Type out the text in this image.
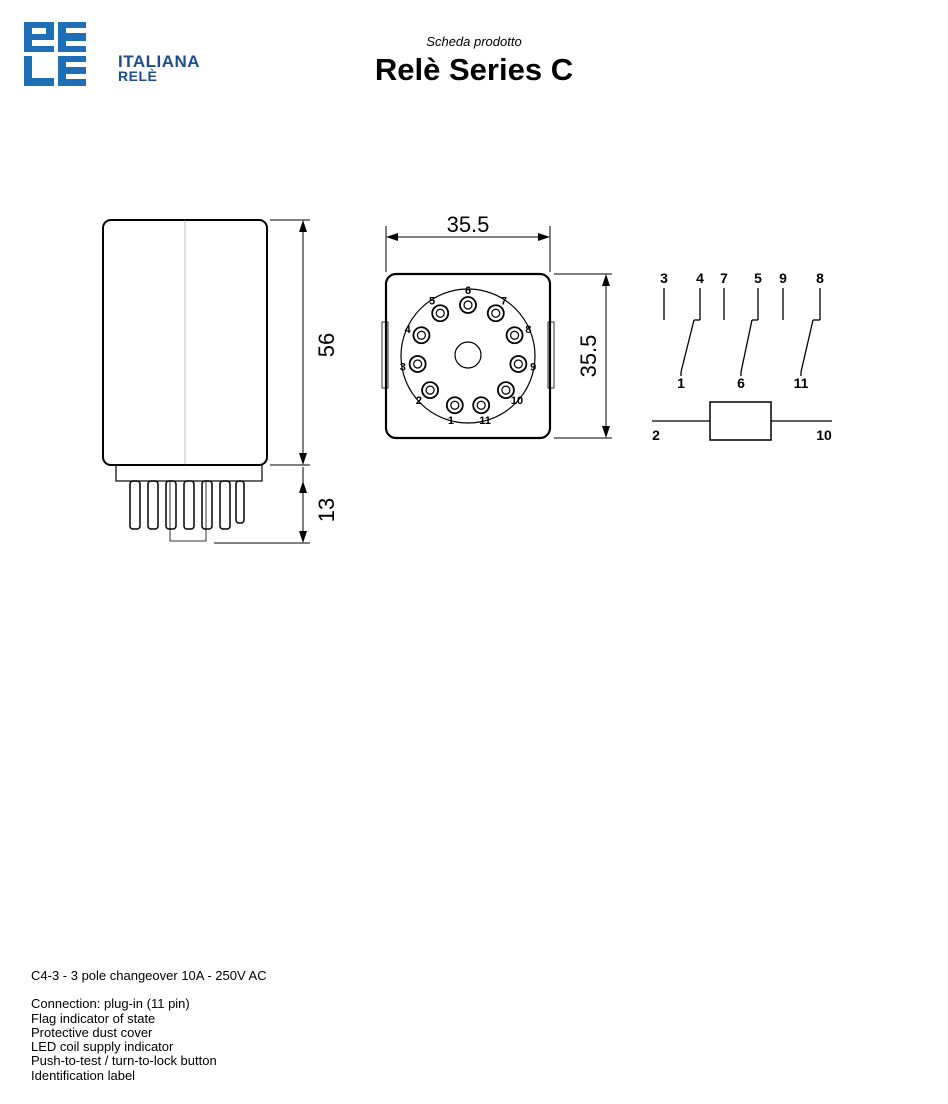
ITALIANA
RELÈ
Scheda prodotto
Relè Series C
56
13
35.5
35.5
1
2
3
4
5
6
7
8
9
10
11
3 4 7 5 9 8
1	6	11
2	10
C4-3 - 3 pole changeover 10A - 250V AC
Connection: plug-in (11 pin)
Flag indicator of state
Protective dust cover
LED coil supply indicator
Push-to-test / turn-to-lock button
Identification label
